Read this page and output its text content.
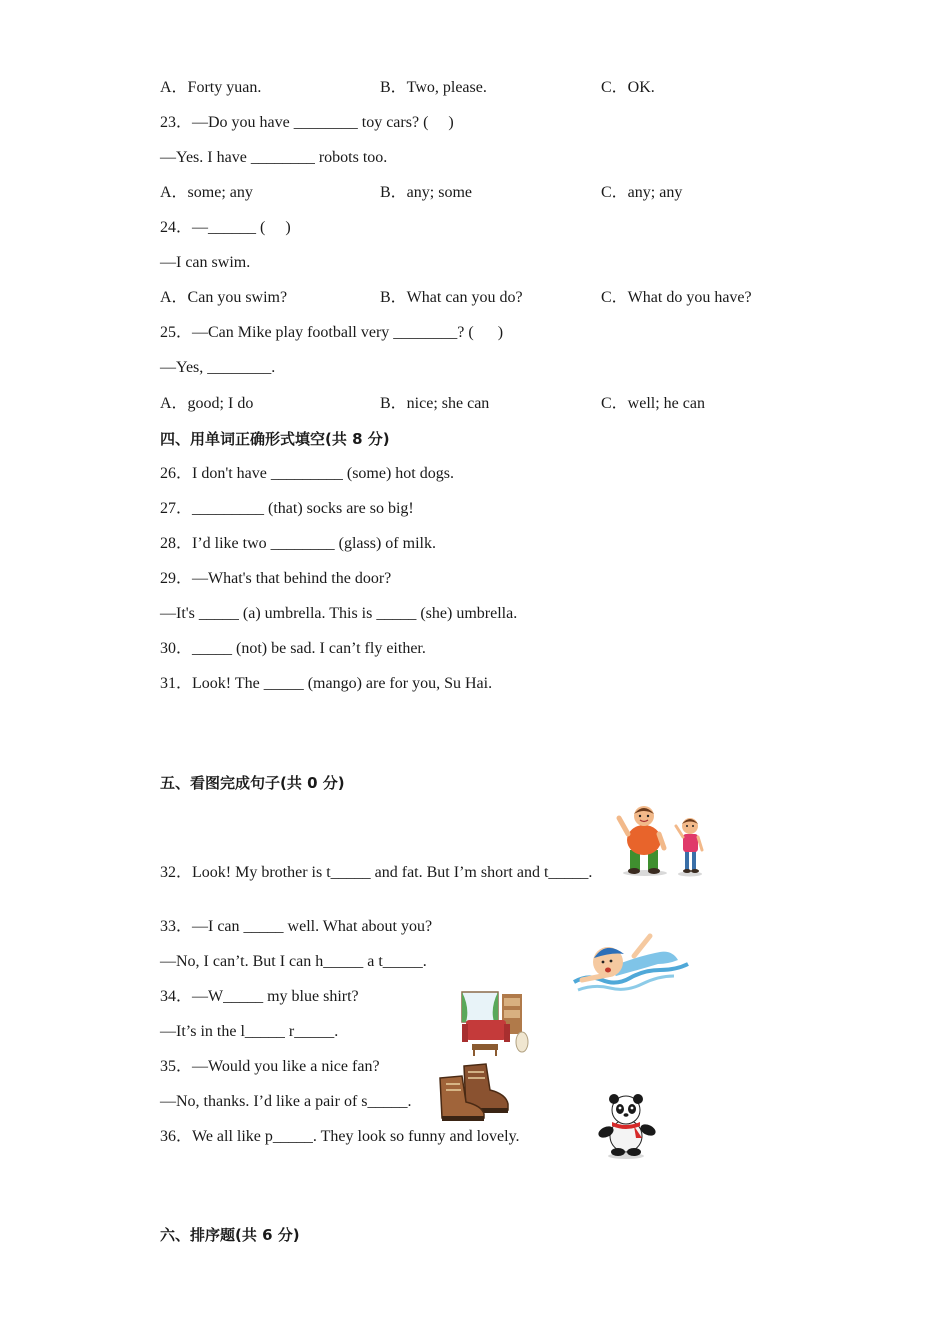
A．Forty yuan.	B．Two, please.	C．OK.
23．—Do you have ________ toy cars? (     )
—Yes. I have ________ robots too.
A．some; any	B．any; some	C．any; any
24．—______ (     )
—I can swim.
A．Can you swim?	B．What can you do?	C．What do you have?
25．—Can Mike play football very ________? (      )
—Yes, ________.
A．good; I do	B．nice; she can	C．well; he can
四、用单词正确形式填空(共 8 分)
26．I don't have _________ (some) hot dogs.
27．_________ (that) socks are so big!
28．I’d like two ________ (glass) of milk.
29．—What's that behind the door?
—It's _____ (a) umbrella. This is _____ (she) umbrella.
30．_____ (not) be sad. I can’t fly either.
31．Look! The _____ (mango) are for you, Su Hai.
五、看图完成句子(共 0 分)
32．Look! My brother is t_____ and fat. But I’m short and t_____.
33．—I can _____ well. What about you?
—No, I can’t. But I can h_____ a t_____.
34．—W_____ my blue shirt?
—It’s in the l_____ r_____.
35．—Would you like a nice fan?
—No, thanks. I’d like a pair of s_____.
36．We all like p_____. They look so funny and lovely.
六、排序题(共 6 分)
